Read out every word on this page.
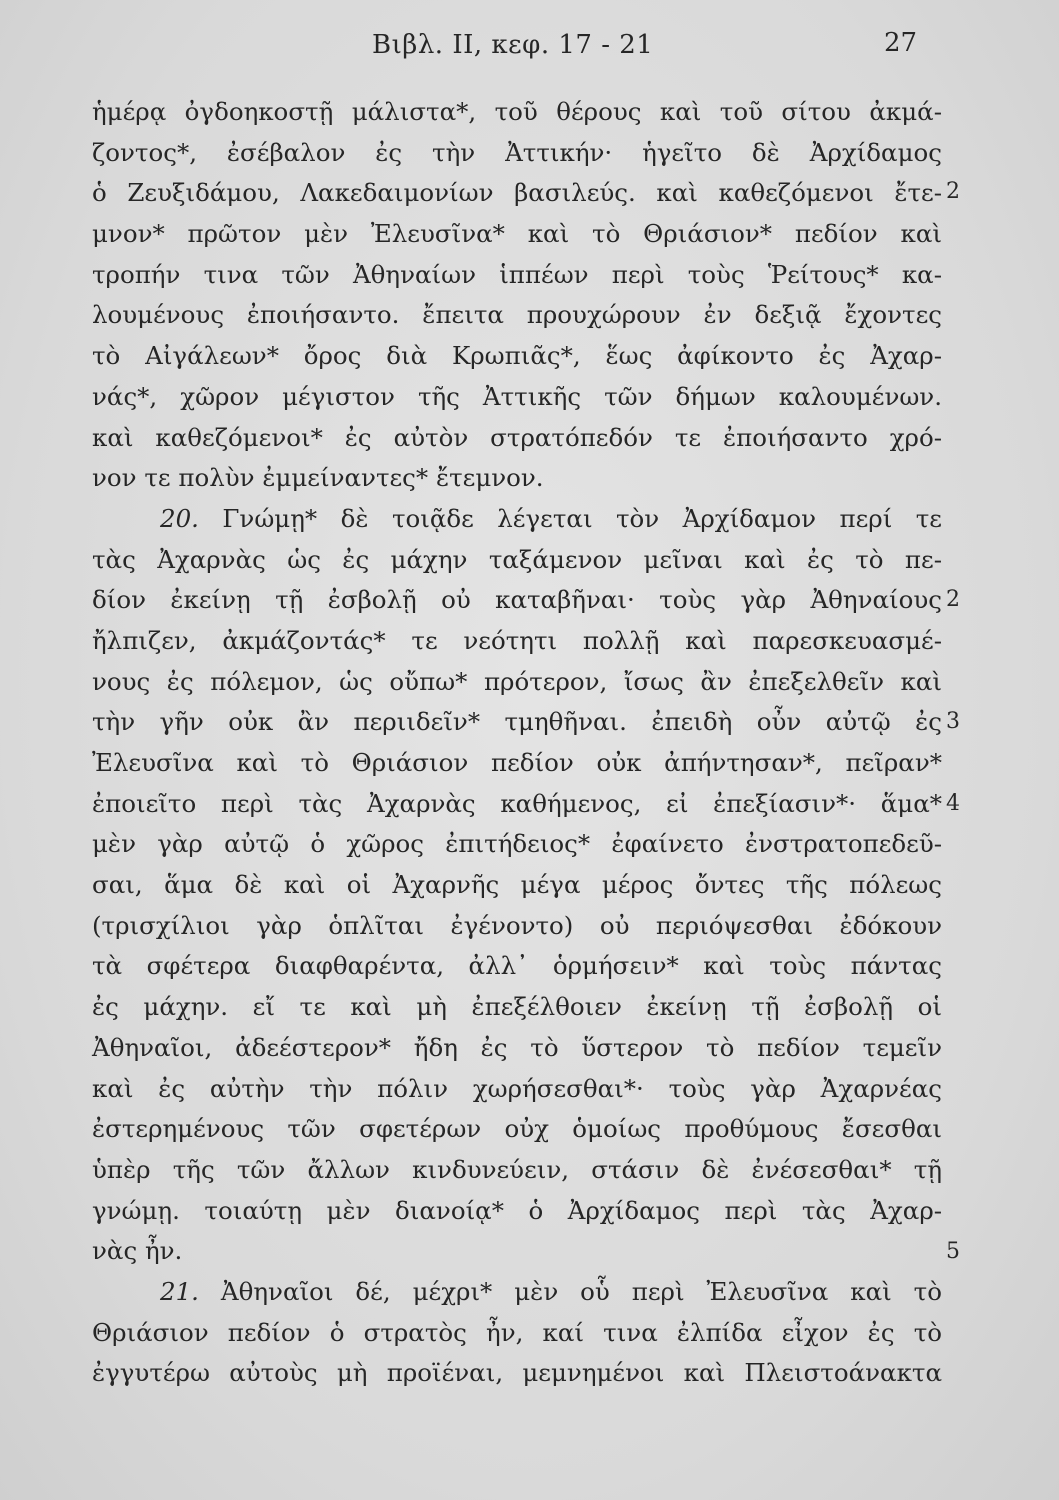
Βιβλ. ΙΙ, κεφ. 17 - 21	27
ἡμέρᾳ ὀγδοηκοστῇ μάλιστα*, τοῦ θέρους καὶ τοῦ σίτου ἀκμά-
ζοντος*, ἐσέβαλον ἐς τὴν Ἀττικήν· ἡγεῖτο δὲ Ἀρχίδαμος
ὁ Ζευξιδάμου, Λακεδαιμονίων βασιλεύς. καὶ καθεζόμενοι ἔτε-
μνον* πρῶτον μὲν Ἐλευσῖνα* καὶ τὸ Θριάσιον* πεδίον καὶ
τροπήν τινα τῶν Ἀθηναίων ἱππέων περὶ τοὺς Ῥείτους* κα-
λουμένους ἐποιήσαντο. ἔπειτα προυχώρουν ἐν δεξιᾷ ἔχοντες
τὸ Αἰγάλεων* ὄρος διὰ Κρωπιᾶς*, ἕως ἀφίκοντο ἐς Ἀχαρ-
νάς*, χῶρον μέγιστον τῆς Ἀττικῆς τῶν δήμων καλουμένων.
καὶ καθεζόμενοι* ἐς αὐτὸν στρατόπεδόν τε ἐποιήσαντο χρό-
νον τε πολὺν ἐμμείναντες* ἔτεμνον.
20. Γνώμῃ* δὲ τοιᾷδε λέγεται τὸν Ἀρχίδαμον περί τε
τὰς Ἀχαρνὰς ὡς ἐς μάχην ταξάμενον μεῖναι καὶ ἐς τὸ πε-
δίον ἐκείνῃ τῇ ἐσβολῇ οὐ καταβῆναι· τοὺς γὰρ Ἀθηναίους
ἤλπιζεν, ἀκμάζοντάς* τε νεότητι πολλῇ καὶ παρεσκευασμέ-
νους ἐς πόλεμον, ὡς οὔπω* πρότερον, ἴσως ἂν ἐπεξελθεῖν καὶ
τὴν γῆν οὐκ ἂν περιιδεῖν* τμηθῆναι. ἐπειδὴ οὖν αὐτῷ ἐς
Ἐλευσῖνα καὶ τὸ Θριάσιον πεδίον οὐκ ἀπήντησαν*, πεῖραν*
ἐποιεῖτο περὶ τὰς Ἀχαρνὰς καθήμενος, εἰ ἐπεξίασιν*· ἅμα*
μὲν γὰρ αὐτῷ ὁ χῶρος ἐπιτήδειος* ἐφαίνετο ἐνστρατοπεδεῦ-
σαι, ἅμα δὲ καὶ οἱ Ἀχαρνῆς μέγα μέρος ὄντες τῆς πόλεως
(τρισχίλιοι γὰρ ὁπλῖται ἐγένοντο) οὐ περιόψεσθαι ἐδόκουν
τὰ σφέτερα διαφθαρέντα, ἀλλ᾽ ὁρμήσειν* καὶ τοὺς πάντας
ἐς μάχην. εἴ τε καὶ μὴ ἐπεξέλθοιεν ἐκείνῃ τῇ ἐσβολῇ οἱ
Ἀθηναῖοι, ἀδεέστερον* ἤδη ἐς τὸ ὕστερον τὸ πεδίον τεμεῖν
καὶ ἐς αὐτὴν τὴν πόλιν χωρήσεσθαι*· τοὺς γὰρ Ἀχαρνέας
ἐστερημένους τῶν σφετέρων οὐχ ὁμοίως προθύμους ἔσεσθαι
ὑπὲρ τῆς τῶν ἄλλων κινδυνεύειν, στάσιν δὲ ἐνέσεσθαι* τῇ
γνώμῃ. τοιαύτῃ μὲν διανοίᾳ* ὁ Ἀρχίδαμος περὶ τὰς Ἀχαρ-
νὰς ἦν.
21. Ἀθηναῖοι δέ, μέχρι* μὲν οὗ περὶ Ἐλευσῖνα καὶ τὸ
Θριάσιον πεδίον ὁ στρατὸς ἦν, καί τινα ἐλπίδα εἶχον ἐς τὸ
ἐγγυτέρω αὐτοὺς μὴ προϊέναι, μεμνημένοι καὶ Πλειστοάνακτα
2
2
3
4
5
